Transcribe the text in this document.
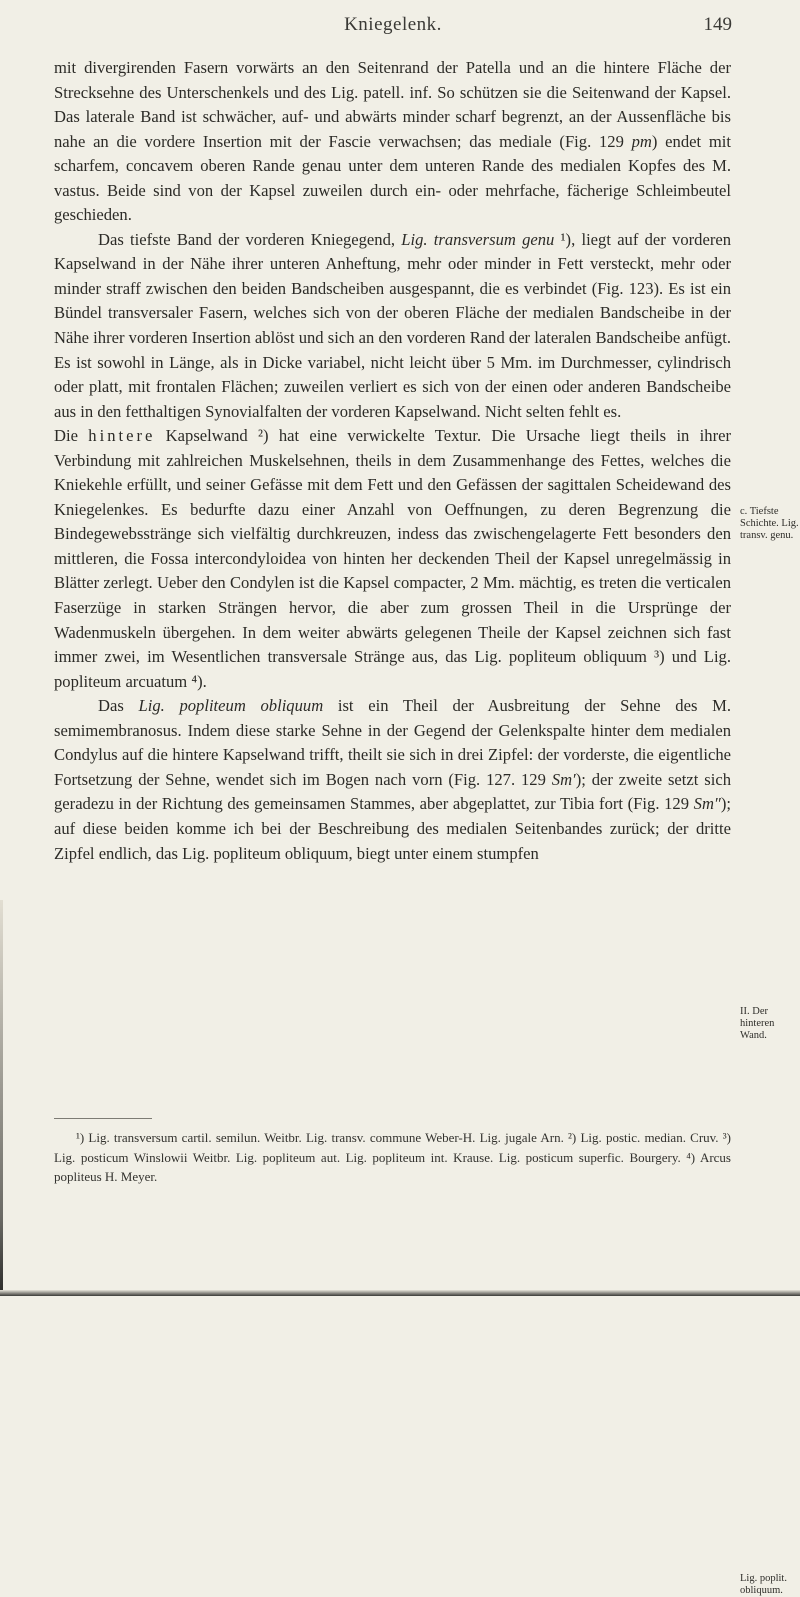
Kniegelenk.	149

mit divergirenden Fasern vorwärts an den Seitenrand der Patella und an die hintere Fläche der Strecksehne des Unterschenkels und des Lig. patell. inf. So schützen sie die Seitenwand der Kapsel. Das laterale Band ist schwächer, auf- und abwärts minder scharf begrenzt, an der Aussenfläche bis nahe an die vordere Insertion mit der Fascie verwachsen; das mediale (Fig. 129 pm) endet mit scharfem, concavem oberen Rande genau unter dem unteren Rande des medialen Kopfes des M. vastus. Beide sind von der Kapsel zuweilen durch ein- oder mehrfache, fächerige Schleimbeutel geschieden.

Das tiefste Band der vorderen Kniegegend, Lig. transversum genu ¹), liegt auf der vorderen Kapselwand in der Nähe ihrer unteren Anheftung, mehr oder minder in Fett versteckt, mehr oder minder straff zwischen den beiden Bandscheiben ausgespannt, die es verbindet (Fig. 123). Es ist ein Bündel transversaler Fasern, welches sich von der oberen Fläche der medialen Bandscheibe in der Nähe ihrer vorderen Insertion ablöst und sich an den vorderen Rand der lateralen Bandscheibe anfügt. Es ist sowohl in Länge, als in Dicke variabel, nicht leicht über 5 Mm. im Durchmesser, cylindrisch oder platt, mit frontalen Flächen; zuweilen verliert es sich von der einen oder anderen Bandscheibe aus in den fetthaltigen Synovialfalten der vorderen Kapselwand. Nicht selten fehlt es.

Die hintere Kapselwand ²) hat eine verwickelte Textur. Die Ursache liegt theils in ihrer Verbindung mit zahlreichen Muskelsehnen, theils in dem Zusammenhange des Fettes, welches die Kniekehle erfüllt, und seiner Gefässe mit dem Fett und den Gefässen der sagittalen Scheidewand des Kniegelenkes. Es bedurfte dazu einer Anzahl von Oeffnungen, zu deren Begrenzung die Bindegewebsstränge sich vielfältig durchkreuzen, indess das zwischengelagerte Fett besonders den mittleren, die Fossa intercondyloidea von hinten her deckenden Theil der Kapsel unregelmässig in Blätter zerlegt. Ueber den Condylen ist die Kapsel compacter, 2 Mm. mächtig, es treten die verticalen Faserzüge in starken Strängen hervor, die aber zum grossen Theil in die Ursprünge der Wadenmuskeln übergehen. In dem weiter abwärts gelegenen Theile der Kapsel zeichnen sich fast immer zwei, im Wesentlichen transversale Stränge aus, das Lig. popliteum obliquum ³) und Lig. popliteum arcuatum ⁴).

Das Lig. popliteum obliquum ist ein Theil der Ausbreitung der Sehne des M. semimembranosus. Indem diese starke Sehne in der Gegend der Gelenkspalte hinter dem medialen Condylus auf die hintere Kapselwand trifft, theilt sie sich in drei Zipfel: der vorderste, die eigentliche Fortsetzung der Sehne, wendet sich im Bogen nach vorn (Fig. 127. 129 Sm′); der zweite setzt sich geradezu in der Richtung des gemeinsamen Stammes, aber abgeplattet, zur Tibia fort (Fig. 129 Sm″); auf diese beiden komme ich bei der Beschreibung des medialen Seitenbandes zurück; der dritte Zipfel endlich, das Lig. popliteum obliquum, biegt unter einem stumpfen

c. Tiefste Schichte. Lig. transv. genu.
II. Der hinteren Wand.
Lig. poplit. obliquum.

¹) Lig. transversum cartil. semilun. Weitbr. Lig. transv. commune Weber-H. Lig. jugale Arn. ²) Lig. postic. median. Cruv. ³) Lig. posticum Winslowii Weitbr. Lig. popliteum aut. Lig. popliteum int. Krause. Lig. posticum superfic. Bourgery. ⁴) Arcus popliteus H. Meyer.
